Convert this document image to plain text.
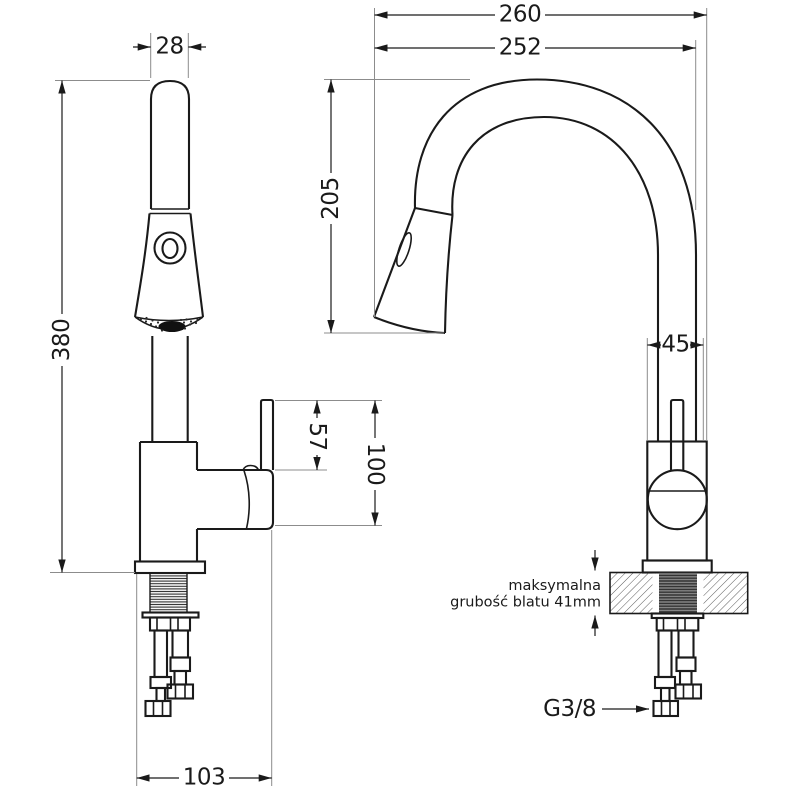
28
380
57
100
103
260
252
205
45
maksymalna
grubość blatu 41mm
G3/8
